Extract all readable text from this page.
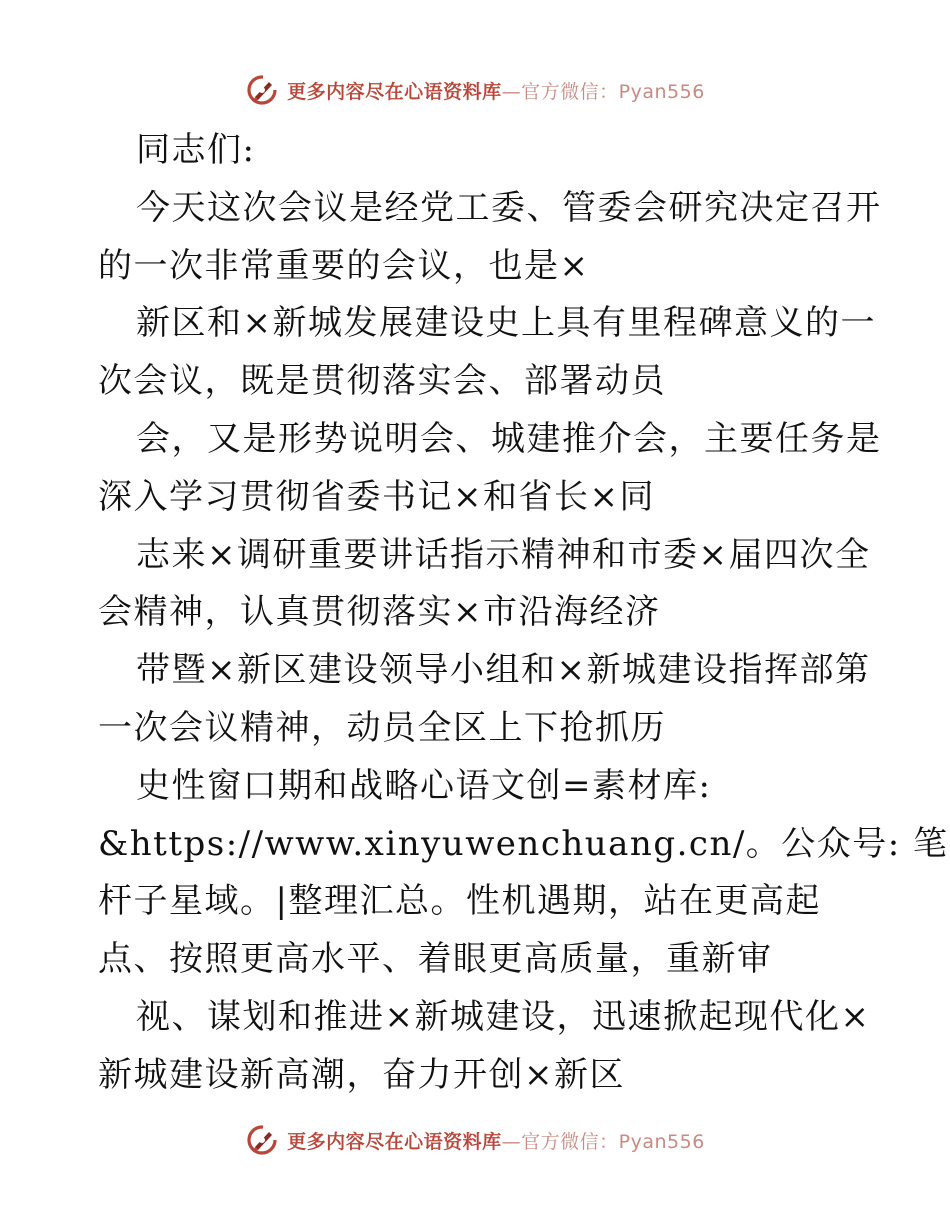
更多内容尽在心语资料库—官方微信：Pyan556
同志们:
今天这次会议是经党工委、管委会研究决定召开
的一次非常重要的会议，也是×
新区和×新城发展建设史上具有里程碑意义的一
次会议，既是贯彻落实会、部署动员
会，又是形势说明会、城建推介会，主要任务是
深入学习贯彻省委书记×和省长×同
志来×调研重要讲话指示精神和市委×届四次全
会精神，认真贯彻落实×市沿海经济
带暨×新区建设领导小组和×新城建设指挥部第
一次会议精神，动员全区上下抢抓历
史性窗口期和战略心语文创=素材库:
&https://www.xinyuwenchuang.cn/。公众号: 笔
杆子星域。|整理汇总。性机遇期，站在更高起
点、按照更高水平、着眼更高质量，重新审
视、谋划和推进×新城建设，迅速掀起现代化×
新城建设新高潮，奋力开创×新区
更多内容尽在心语资料库—官方微信：Pyan556
